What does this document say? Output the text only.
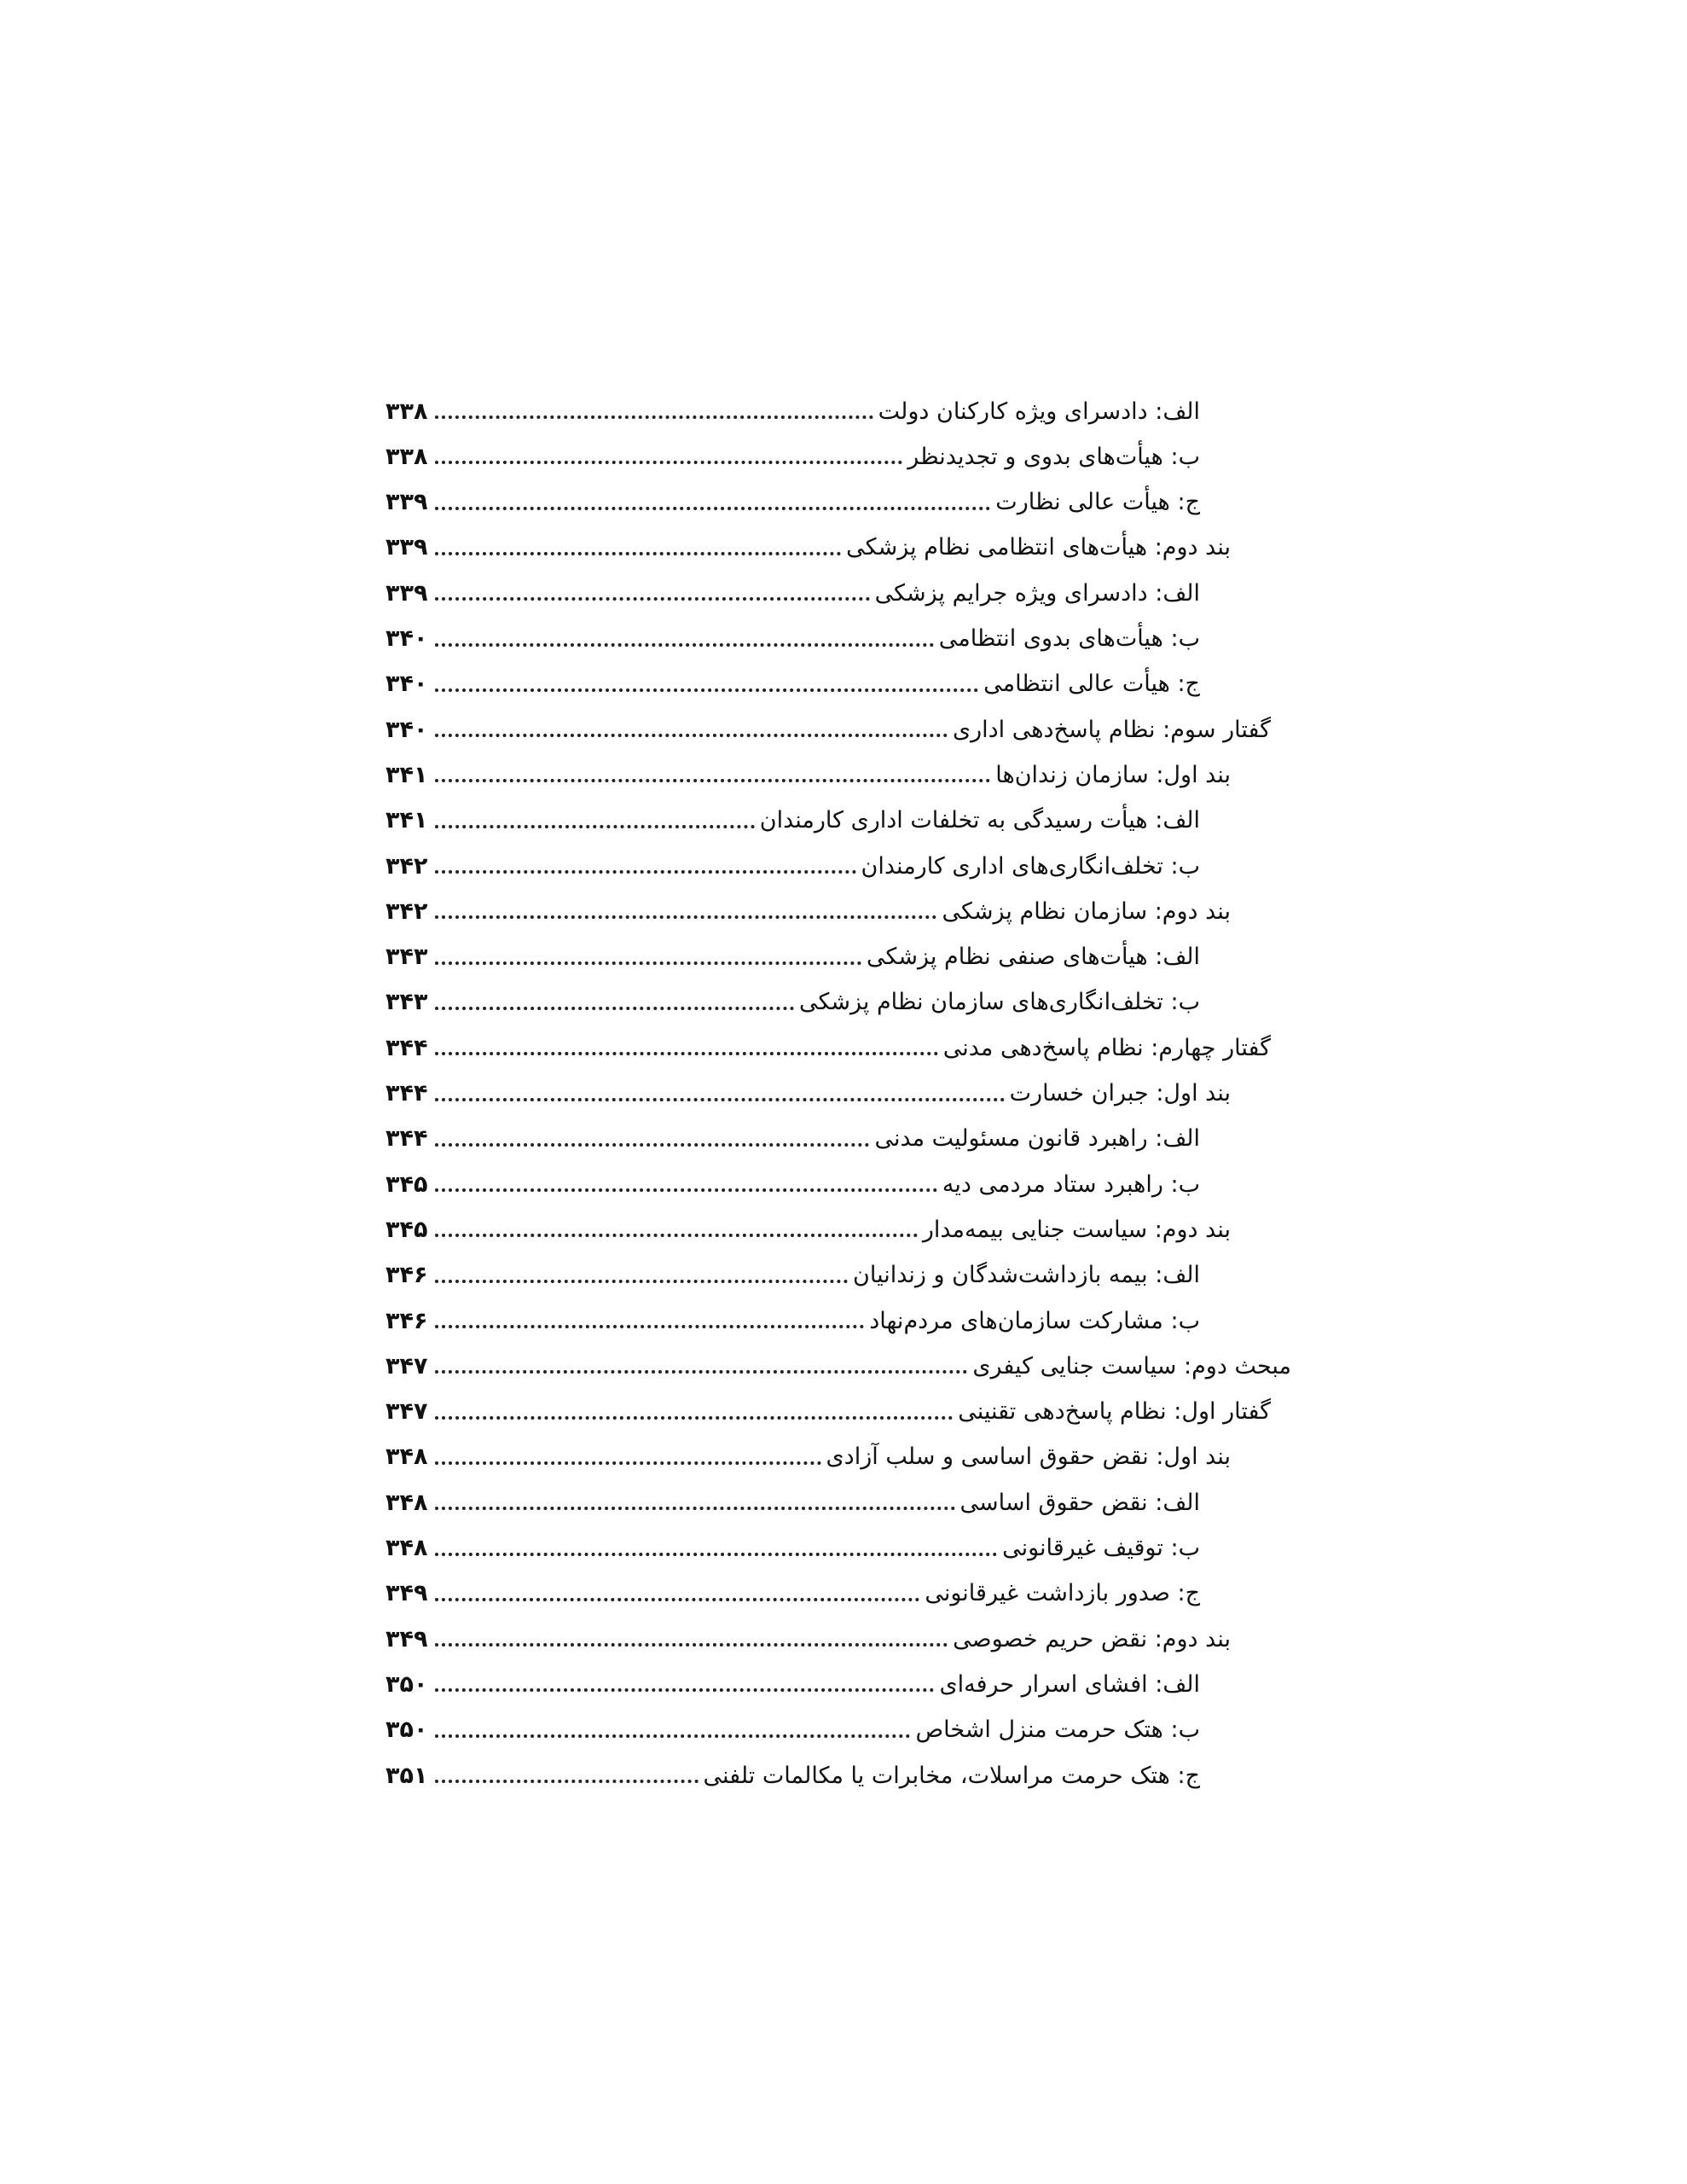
۳۳۸	الف: دادسرای ویژه کارکنان دولت
۳۳۸	ب: هیأت‌های بدوی و تجدیدنظر
۳۳۹	ج: هیأت عالی نظارت
۳۳۹	بند دوم: هیأت‌های انتظامی نظام پزشکی
۳۳۹	الف: دادسرای ویژه جرایم پزشکی
۳۴۰	ب: هیأت‌های بدوی انتظامی
۳۴۰	ج: هیأت عالی انتظامی
۳۴۰	گفتار سوم: نظام پاسخ‌دهی اداری
۳۴۱	بند اول: سازمان زندان‌ها
۳۴۱	الف: هیأت رسیدگی به تخلفات اداری کارمندان
۳۴۲	ب: تخلف‌انگاری‌های اداری کارمندان
۳۴۲	بند دوم: سازمان نظام پزشکی
۳۴۳	الف: هیأت‌های صنفی نظام پزشکی
۳۴۳	ب: تخلف‌انگاری‌های سازمان نظام پزشکی
۳۴۴	گفتار چهارم: نظام پاسخ‌دهی مدنی
۳۴۴	بند اول: جبران خسارت
۳۴۴	الف: راهبرد قانون مسئولیت مدنی
۳۴۵	ب: راهبرد ستاد مردمی دیه
۳۴۵	بند دوم: سیاست جنایی بیمه‌مدار
۳۴۶	الف: بیمه بازداشت‌شدگان و زندانیان
۳۴۶	ب: مشارکت سازمان‌های مردم‌نهاد
۳۴۷	مبحث دوم: سیاست جنایی کیفری
۳۴۷	گفتار اول: نظام پاسخ‌دهی تقنینی
۳۴۸	بند اول: نقض حقوق اساسی و سلب آزادی
۳۴۸	الف: نقض حقوق اساسی
۳۴۸	ب: توقیف غیرقانونی
۳۴۹	ج: صدور بازداشت غیرقانونی
۳۴۹	بند دوم: نقض حریم خصوصی
۳۵۰	الف: افشای اسرار حرفه‌ای
۳۵۰	ب: هتک حرمت منزل اشخاص
۳۵۱	ج: هتک حرمت مراسلات، مخابرات یا مکالمات تلفنی
